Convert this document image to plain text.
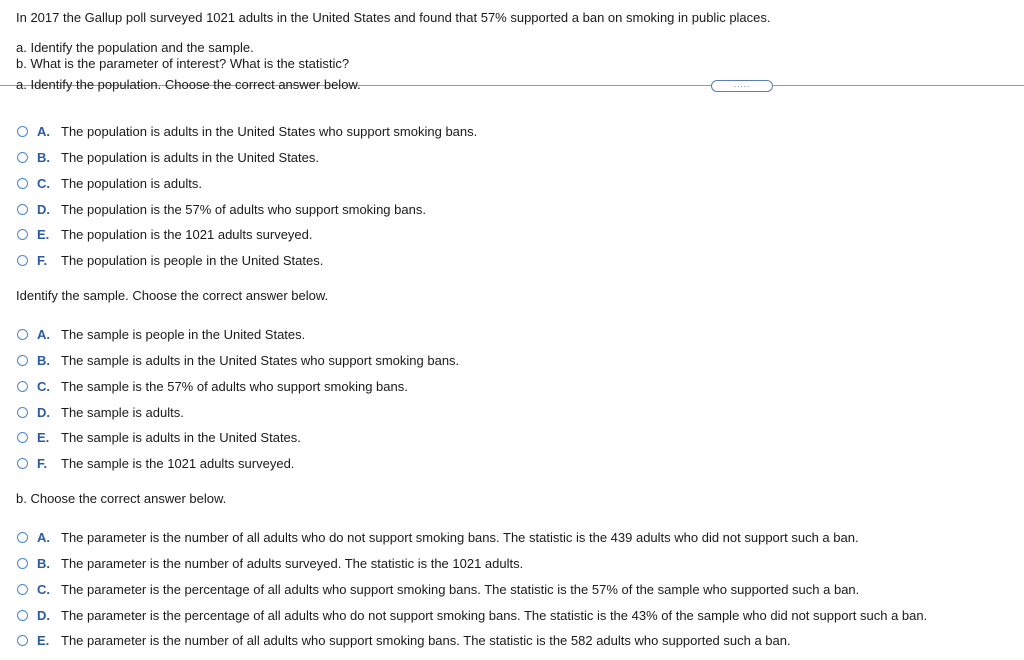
In 2017 the Gallup poll surveyed 1021 adults in the United States and found that 57% supported a ban on smoking in public places.
a. Identify the population and the sample.
b. What is the parameter of interest? What is the statistic?
.....
a. Identify the population. Choose the correct answer below.
A. The population is adults in the United States who support smoking bans.
B. The population is adults in the United States.
C. The population is adults.
D. The population is the 57% of adults who support smoking bans.
E. The population is the 1021 adults surveyed.
F.	The population is people in the United States.
Identify the sample. Choose the correct answer below.
A. The sample is people in the United States.
B. The sample is adults in the United States who support smoking bans.
C. The sample is the 57% of adults who support smoking bans.
D. The sample is adults.
E. The sample is adults in the United States.
F.	The sample is the 1021 adults surveyed.
b. Choose the correct answer below.
A. The parameter is the number of all adults who do not support smoking bans. The statistic is the 439 adults who did not support such a ban.
B. The parameter is the number of adults surveyed. The statistic is the 1021 adults.
C. The parameter is the percentage of all adults who support smoking bans. The statistic is the 57% of the sample who supported such a ban.
D. The parameter is the percentage of all adults who do not support smoking bans. The statistic is the 43% of the sample who did not support such a ban.
E. The parameter is the number of all adults who support smoking bans. The statistic is the 582 adults who supported such a ban.
